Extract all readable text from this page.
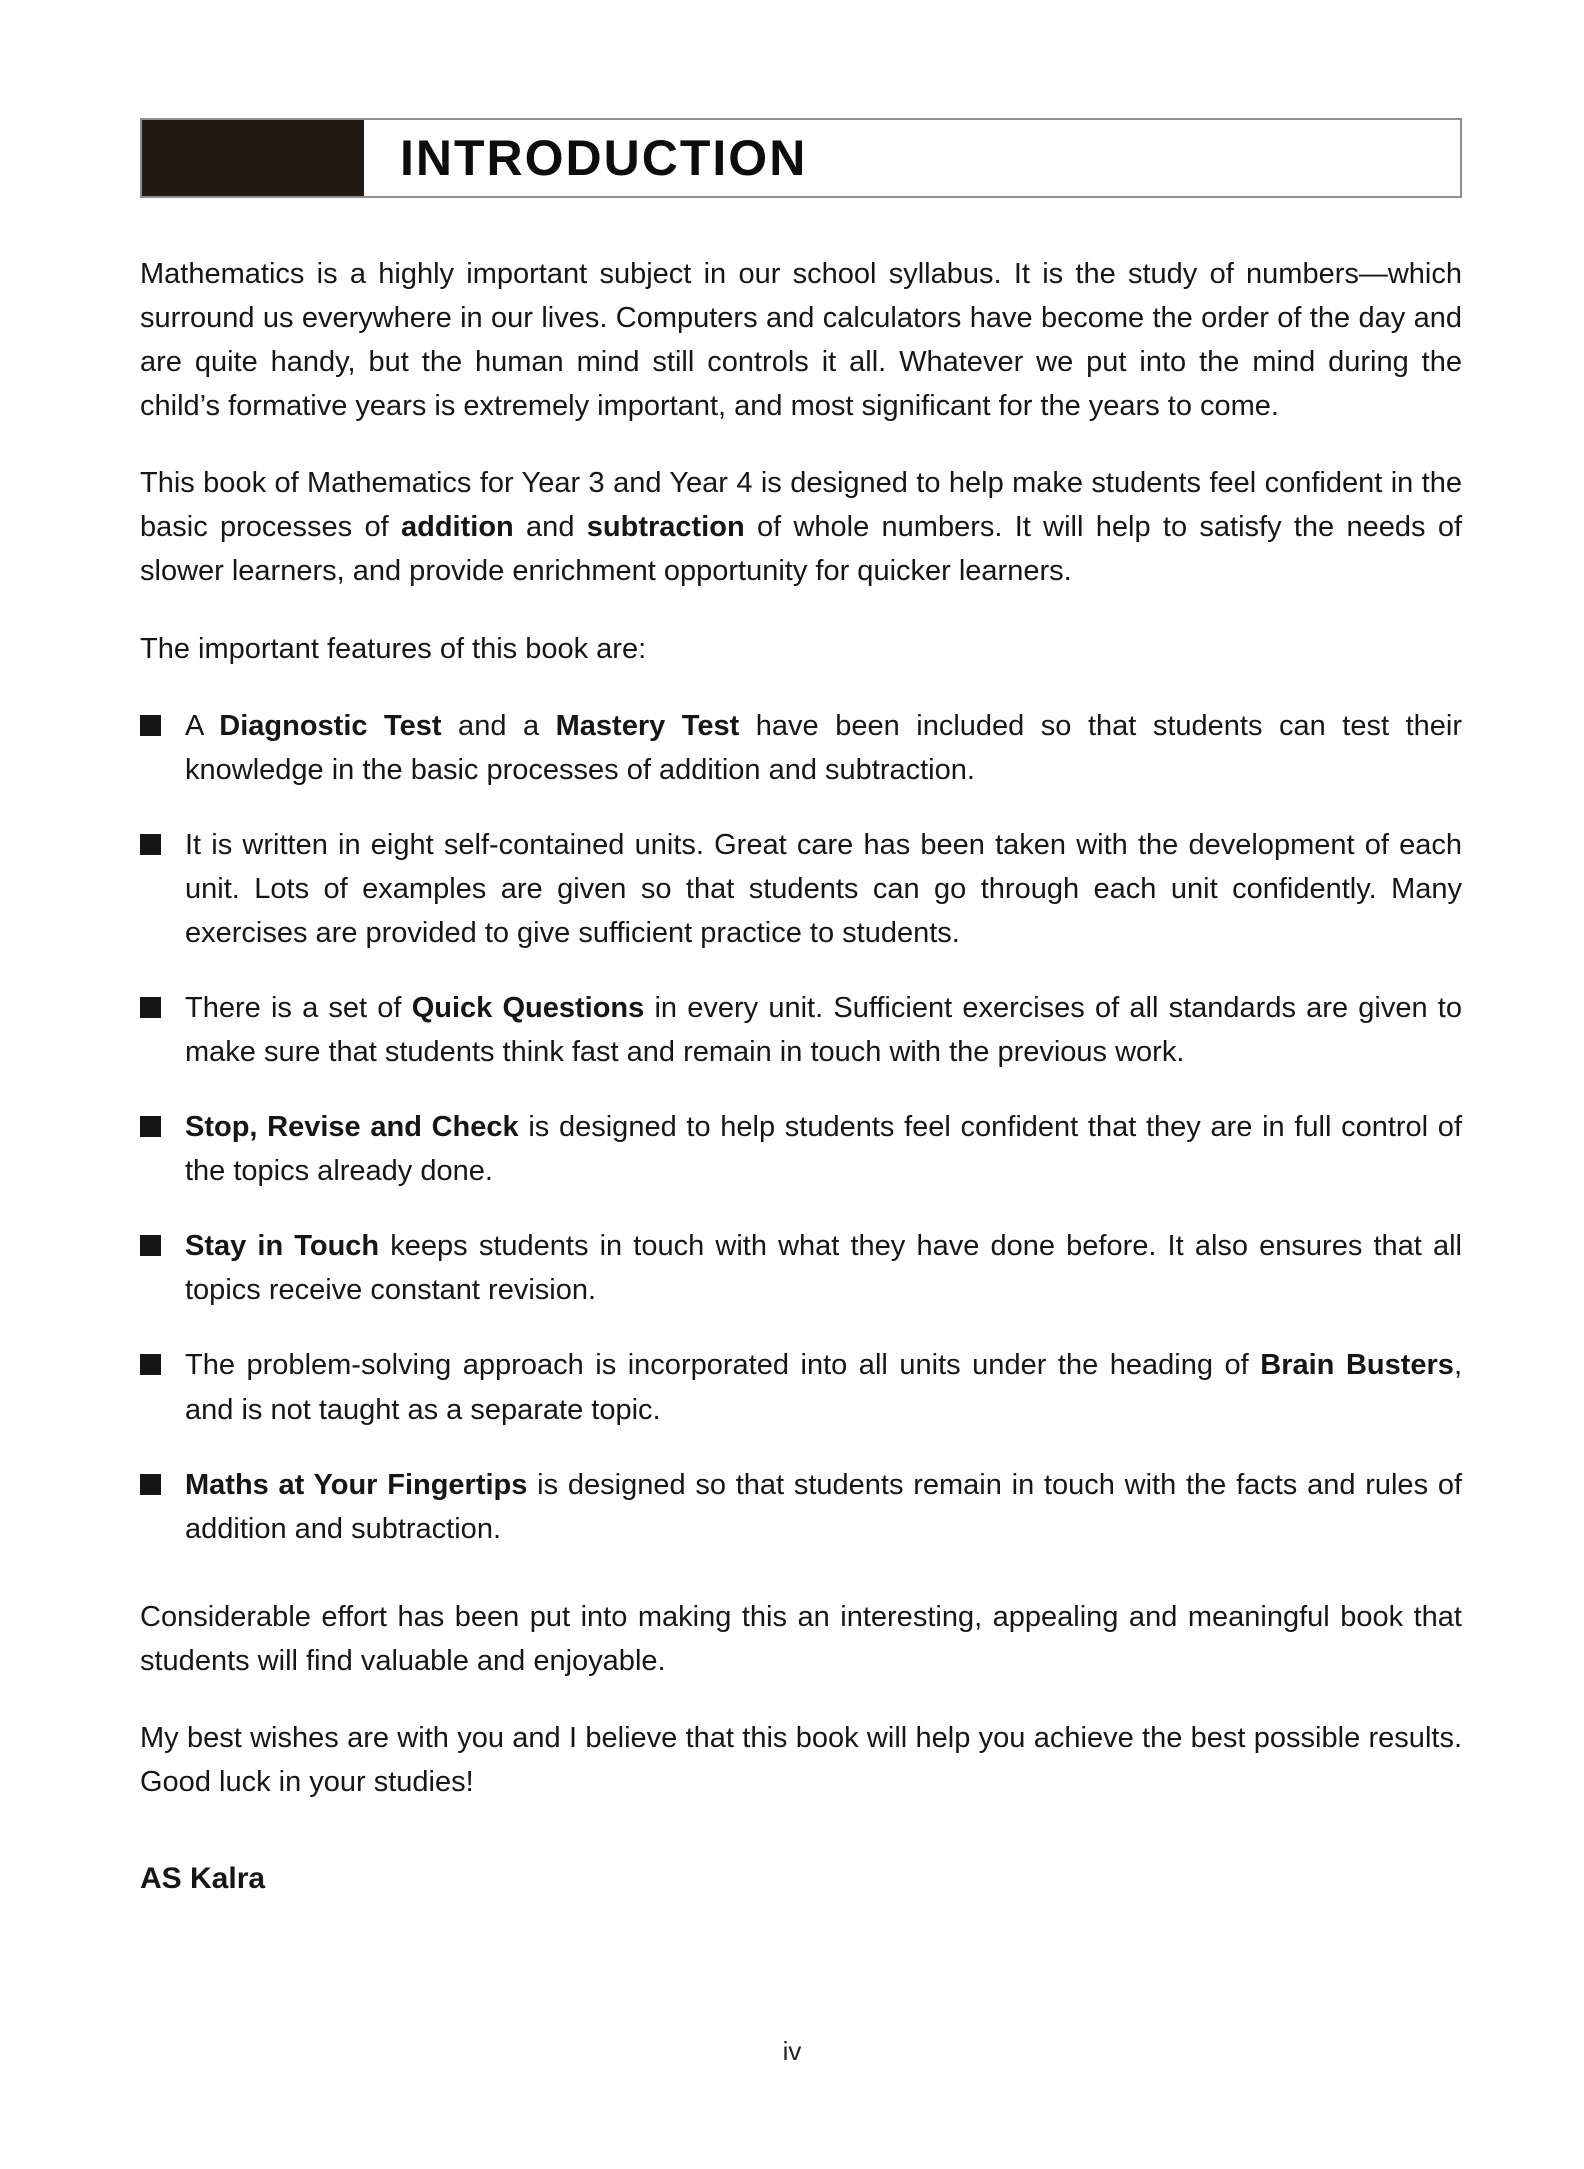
INTRODUCTION

Mathematics is a highly important subject in our school syllabus. It is the study of numbers—which surround us everywhere in our lives. Computers and calculators have become the order of the day and are quite handy, but the human mind still controls it all. Whatever we put into the mind during the child’s formative years is extremely important, and most significant for the years to come.

This book of Mathematics for Year 3 and Year 4 is designed to help make students feel confident in the basic processes of addition and subtraction of whole numbers. It will help to satisfy the needs of slower learners, and provide enrichment opportunity for quicker learners.

The important features of this book are:

A Diagnostic Test and a Mastery Test have been included so that students can test their knowledge in the basic processes of addition and subtraction.

It is written in eight self-contained units. Great care has been taken with the development of each unit. Lots of examples are given so that students can go through each unit confidently. Many exercises are provided to give sufficient practice to students.

There is a set of Quick Questions in every unit. Sufficient exercises of all standards are given to make sure that students think fast and remain in touch with the previous work.

Stop, Revise and Check is designed to help students feel confident that they are in full control of the topics already done.

Stay in Touch keeps students in touch with what they have done before. It also ensures that all topics receive constant revision.

The problem-solving approach is incorporated into all units under the heading of Brain Busters, and is not taught as a separate topic.

Maths at Your Fingertips is designed so that students remain in touch with the facts and rules of addition and subtraction.

Considerable effort has been put into making this an interesting, appealing and meaningful book that students will find valuable and enjoyable.

My best wishes are with you and I believe that this book will help you achieve the best possible results. Good luck in your studies!

AS Kalra

iv
